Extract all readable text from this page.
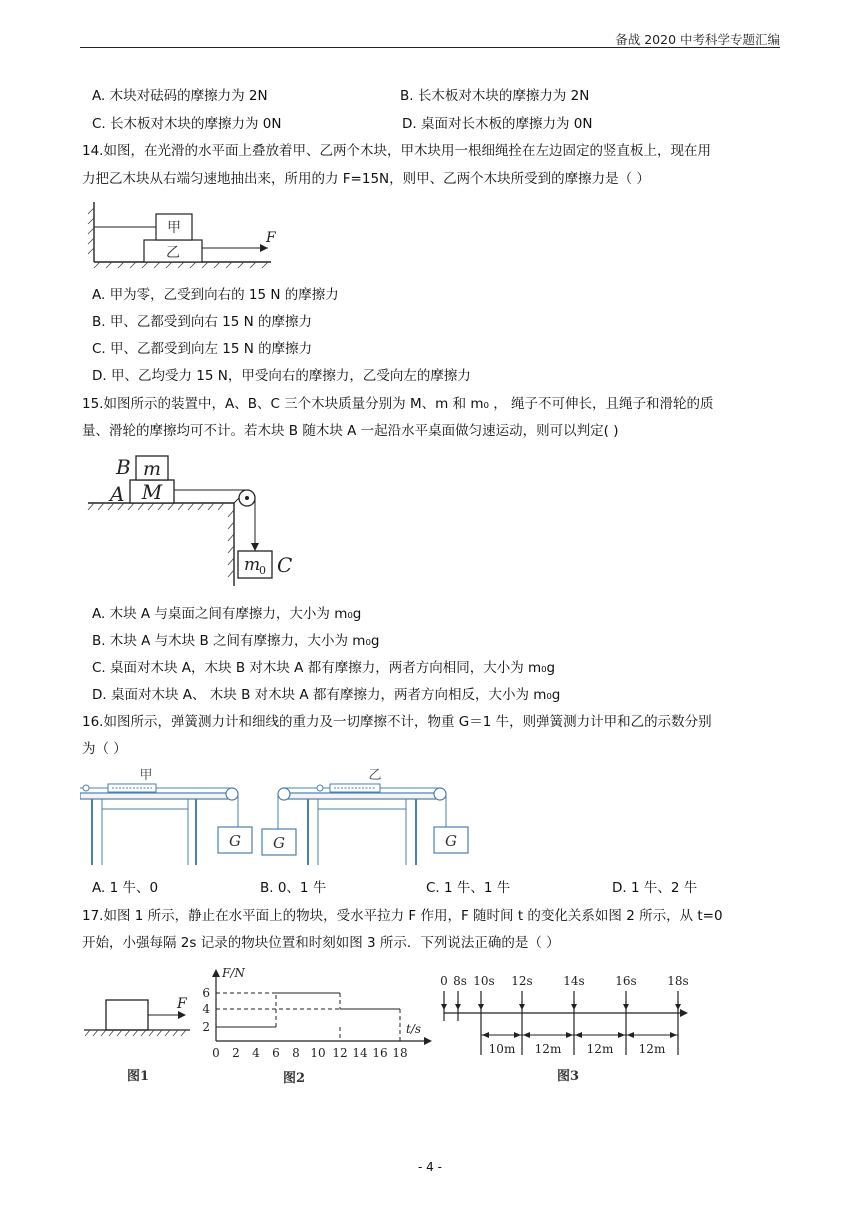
备战 2020 中考科学专题汇编
A. 木块对砝码的摩擦力为 2N	B. 长木板对木块的摩擦力为 2N
C. 长木板对木块的摩擦力为 0N	D. 桌面对长木板的摩擦力为 0N
14.如图，在光滑的水平面上叠放着甲、乙两个木块，甲木块用一根细绳拴在左边固定的竖直板上，现在用
力把乙木块从右端匀速地抽出来，所用的力 F=15N，则甲、乙两个木块所受到的摩擦力是（ ）
甲
乙
F
A. 甲为零，乙受到向右的 15 N 的摩擦力
B. 甲、乙都受到向右 15 N 的摩擦力
C. 甲、乙都受到向左 15 N 的摩擦力
D. 甲、乙均受力 15 N，甲受向右的摩擦力，乙受向左的摩擦力
15.如图所示的装置中，A、B、C 三个木块质量分别为 M、m 和 m₀ ， 绳子不可伸长，且绳子和滑轮的质
量、滑轮的摩擦均可不计。若木块 B 随木块 A 一起沿水平桌面做匀速运动，则可以判定( )
B m
A M
m
0 C
A. 木块 A 与桌面之间有摩擦力，大小为 m₀g
B. 木块 A 与木块 B 之间有摩擦力，大小为 m₀g
C. 桌面对木块 A，木块 B 对木块 A 都有摩擦力，两者方向相同，大小为 m₀g
D. 桌面对木块 A、 木块 B 对木块 A 都有摩擦力，两者方向相反，大小为 m₀g
16.如图所示，弹簧测力计和细线的重力及一切摩擦不计，物重 G＝1 牛，则弹簧测力计甲和乙的示数分别
为（ ）
甲
G
乙
G	G
A. 1 牛、0	B. 0、1 牛	C. 1 牛、1 牛	D. 1 牛、2 牛
17.如图 1 所示，静止在水平面上的物块，受水平拉力 F 作用，F 随时间 t 的变化关系如图 2 所示，从 t=0
开始，小强每隔 2s 记录的物块位置和时刻如图 3 所示．下列说法正确的是（ ）
F
图1
F/N
t/s
2
4
6
0 2 4 6 8 10 12 14 16 18
图2
0 8s 10s 12s	14s	16s	18s
10m 12m 12m 12m
图3
- 4 -
